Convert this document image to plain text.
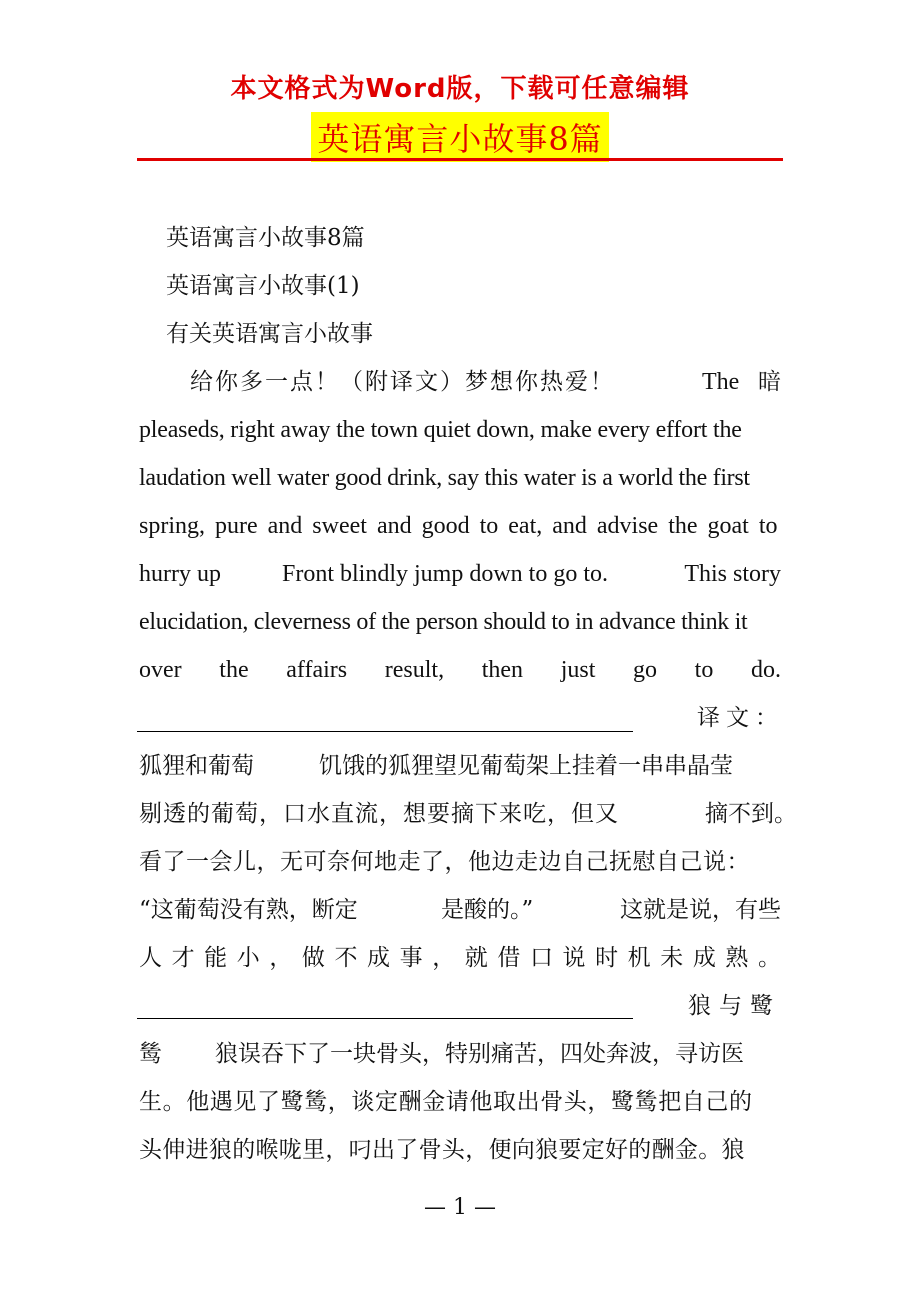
本文格式为Word版，下载可任意编辑
英语寓言小故事8篇
英语寓言小故事8篇
英语寓言小故事(1)
有关英语寓言小故事
给你多一点！（附译文）梦想你热爱！	The 暗
pleaseds, right away the town quiet down, make every effort the
laudation well water good drink, say this water is a world the first
spring, pure and sweet and good to eat, and advise the goat to
hurry up	Front blindly jump down to go to.	This story
elucidation, cleverness of the person should to in advance think it
over the affairs result, then just go to do.
译文：
狐狸和葡萄	饥饿的狐狸望见葡萄架上挂着一串串晶莹
剔透的葡萄，口水直流，想要摘下来吃，但又	摘不到。
看了一会儿，无可奈何地走了，他边走边自己抚慰自己说：
“这葡萄没有熟，断定	是酸的。”	这就是说，有些
人 才 能 小 ， 做 不 成 事 ， 就 借 口 说 时 机 未 成 熟 。
狼与鹭
鸶 狼误吞下了一块骨头，特别痛苦，四处奔波，寻访医
生。他遇见了鹭鸶，谈定酬金请他取出骨头，鹭鸶把自己的
头伸进狼的喉咙里，叼出了骨头，便向狼要定好的酬金。狼
— 1 —
